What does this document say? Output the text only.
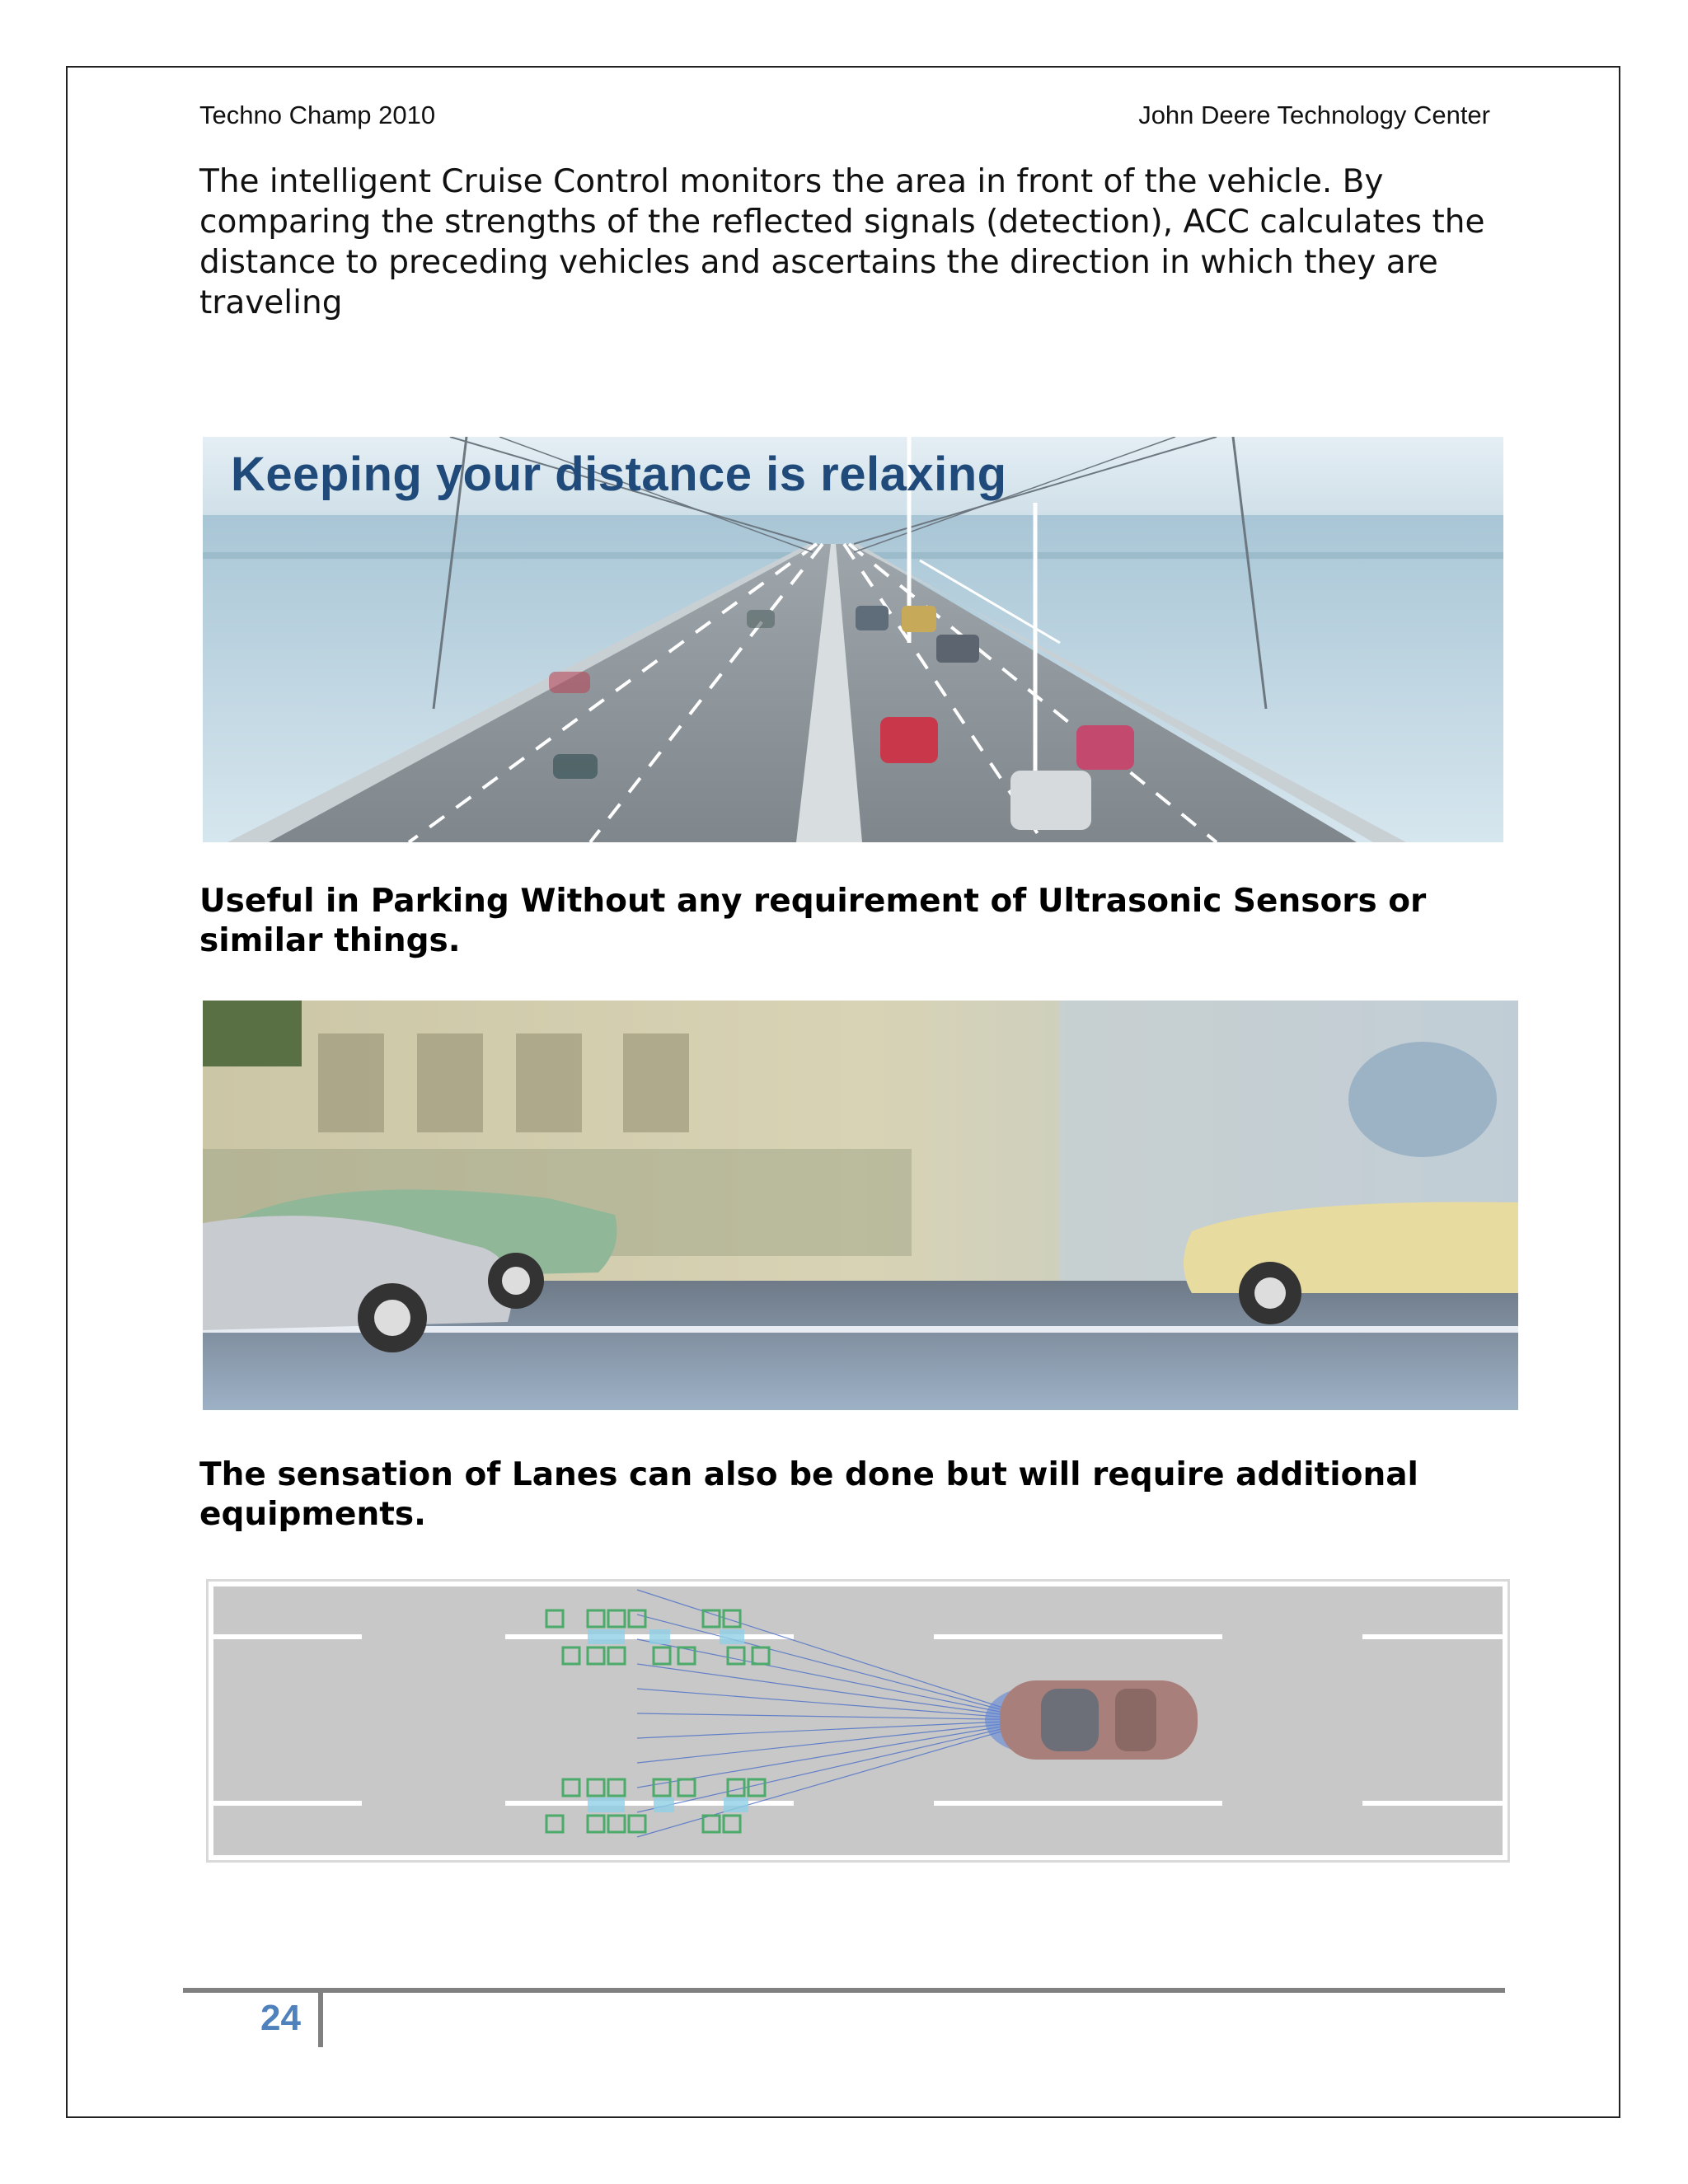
Techno Champ 2010	John Deere Technology Center
The intelligent Cruise Control monitors the area in front of the vehicle. By comparing the strengths of the reflected signals (detection), ACC calculates the distance to preceding vehicles and ascertains the direction in which they are traveling
Keeping your distance is relaxing
Useful in Parking Without any requirement of Ultrasonic Sensors or similar things.
The sensation of Lanes can also be done but will require additional equipments.
24
